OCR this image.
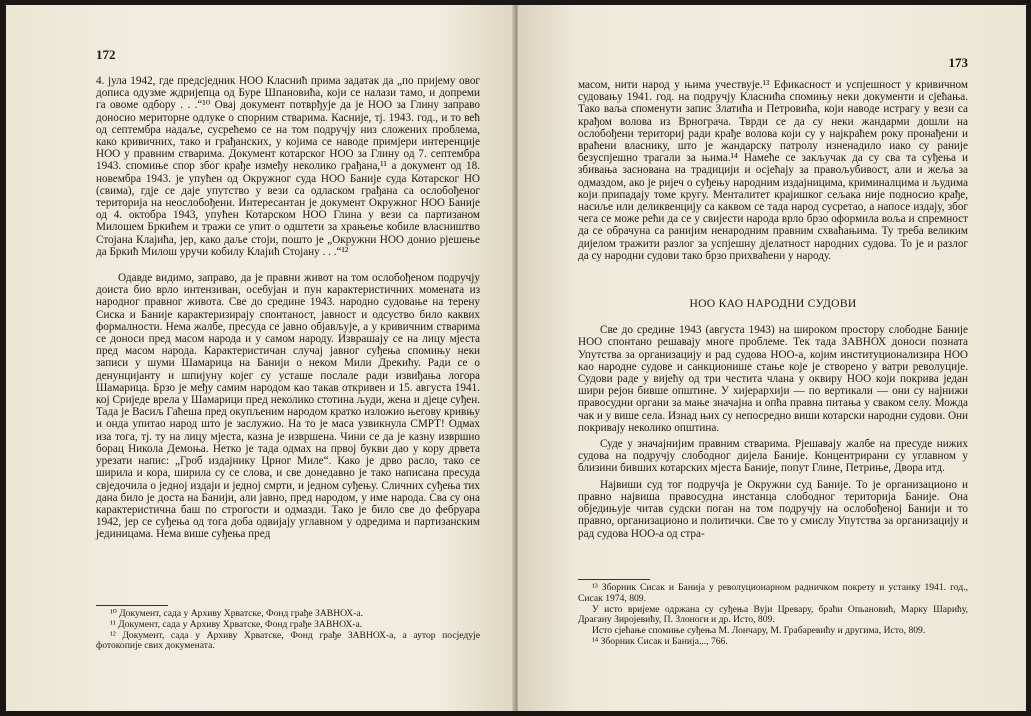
172

4. јула 1942, где предсједник НОО Класнић прима задатак да „по пријему овог дописа одузме ждријепца од Буре Шпановића, који се налази тамо, и допреми га овоме одбору . . .“¹⁰ Овај документ потврђује да је НОО за Глину заправо доносио мериторне одлуке о спорним стварима. Касније, тј. 1943. год., и то већ од септембра надаље, сусрећемо се на том подручју низ сложених проблема, како кривичних, тако и грађанских, у којима се наводе примјери интеренције НОО у правним стварима. Документ котарског НОО за Глину од 7. септембра 1943. спомиње спор због крађе између неколико грађана,¹¹ а документ од 18. новембра 1943. је упућен од Окружног суда НОО Баније суда Котарског НО (свима), гдје се даје упутство у вези са одласком грађана са ослобођеног територија на неослобођени. Интересантан је документ Окружног НОО Баније од 4. октобра 1943, упућен Котарском НОО Глина у вези са партизаном Милошем Бркићем и тражи се упит о одштети за храњење кобиле власништво Стојана Клајића, јер, како даље стоји, пошто је „Окружни НОО донио рјешење да Бркић Милош уручи кобилу Клајић Стојану . . .“¹²

Одавде видимо, заправо, да је правни живот на том ослобођеном подручју доиста био врло интензиван, осебујан и пун карактеристичних момената из народног правног живота. Све до средине 1943. народно судовање на терену Сиска и Баније карактеризирају спонтаност, јавност и одсуство било каквих формалности. Нема жалбе, пресуда се јавно објављује, а у кривичним стварима се доноси пред масом народа и у самом народу. Изврашају се на лицу мјеста пред масом народа. Карактеристичан случај јавног суђења спомињу неки записи у шуми Шамарица на Банији о неком Мили Дрекићу. Ради се о денунцијанту и шпијуну којег су усташе послале ради извиђања логора Шамарица. Брзо је међу самим народом као такав откривен и 15. августа 1941. кој Сриједе врела у Шамарици пред неколико стотина људи, жена и дјеце суђен. Тада је Васиљ Гаћеша пред окупљеним народом кратко изложио његову кривњу и онда упитао народ што је заслужио. На то је маса узвикнула СМРТ! Одмах иза тога, тј. ту на лицу мјеста, казна је извршена. Чини се да је казну извршио борац Никола Демоња. Нетко је тада одмах на првој букви дао у кору дрвета урезати напис: „Гроб издајнику Црног Миле“. Како је дрво расло, тако се ширила и кора, ширила су се слова, и све донедавно је тако написана пресуда свједочила о једној издаји и једној смрти, и једном суђењу. Сличних суђења тих дана било је доста на Банији, али јавно, пред народом, у име народа. Сва су она карактеристична баш по строгости и одмазди. Тако је било све до фебруара 1942, јер се суђења од тога доба одвијају углавном у одредима и партизанским јединицама. Нема више суђења пред

¹⁰ Документ, сада у Архиву Хрватске, Фонд грађе ЗАВНОХ-а.

¹¹ Документ, сада у Архиву Хрватске, Фонд грађе ЗАВНОХ-а.

¹² Документ, сада у Архиву Хрватске, Фонд грађе ЗАВНОХ-а, а аутор посједује фотокопије свих докумената.

173

масом, нити народ у њима учествује.¹³ Ефикасност и успјешност у кривичном судовању 1941. год. на подручју Класнића спомињу неки документи и сјећања. Тако ваља споменути запис Златића и Петровића, који наводе истрагу у вези са крађом волова из Врнограча. Тврди се да су неки жандарми дошли на ослобођени териториј ради крађе волова који су у најкраћем року пронађени и враћени власнику, што је жандарску патролу изненадило иако су раније безуспјешно трагали за њима.¹⁴ Намеће се закључак да су сва та суђења и збивања заснована на традицији и осјећају за правољубивост, али и жеља за одмаздом, ако је ријеч о суђењу народним издајницима, криминалцима и људима који припадају томе кругу. Менталитет крајишког сељака није подносио крађе, насиље или деликвенцију са каквом се тада народ сусретао, а напосе издају, због чега се може рећи да се у свијести народа врло брзо оформила воља и спремност да се обрачуна са ранијим ненародним правним схваћањима. Ту треба великим дијелом тражити разлог за успјешну дјелатност народних судова. То је и разлог да су народни судови тако брзо прихваћени у народу.

НОО КАО НАРОДНИ СУДОВИ

Све до средине 1943 (августа 1943) на широком простору слободне Баније НОО спонтано решавају многе проблеме. Тек тада ЗАВНОХ доноси позната Упутства за организацију и рад судова НОО-а, којим институционализира НОО као народне судове и санкционише стање које је створено у ватри револуције. Судови раде у вијећу од три честита члана у оквиру НОО који покрива један шири рејон бивше општине. У хијерархији — по вертикали — они су најнижи правосудни органи за мање значајна и опћа правна питања у сваком селу. Можда чак и у више села. Изнад њих су непосредно виши котарски народни судови. Они покривају неколико општина.

Суде у значајнијим правним стварима. Рјешавају жалбе на пресуде нижих судова на подручју слободног дијела Баније. Концентрирани су углавном у близини бивших котарских мјеста Баније, попут Глине, Петриње, Двора итд.

Највиши суд тог подручја је Окружни суд Баније. То је организационо и правно највиша правосудна инстанца слободног територија Баније. Она обједињује читав судски поган на том подручју на ослобођеној Банији и то правно, организационо и политички. Све то у смислу Упутства за организацију и рад судова НОО-а од стра-

¹³ Зборник Сисак и Банија у револуционарном радничком покрету и устанку 1941. год., Сисак 1974, 809.

У исто вријеме одржана су суђења Вуји Цревару, браћи Опьановић, Марку Шарићу, Драгану Зироjевићу, П. Злоноги и др. Исто, 809.

Исто сјећање спомиње суђења М. Лончару, М. Грабаревићу и другима, Исто, 809.

¹⁴ Зборник Сисак и Банија..., 766.
